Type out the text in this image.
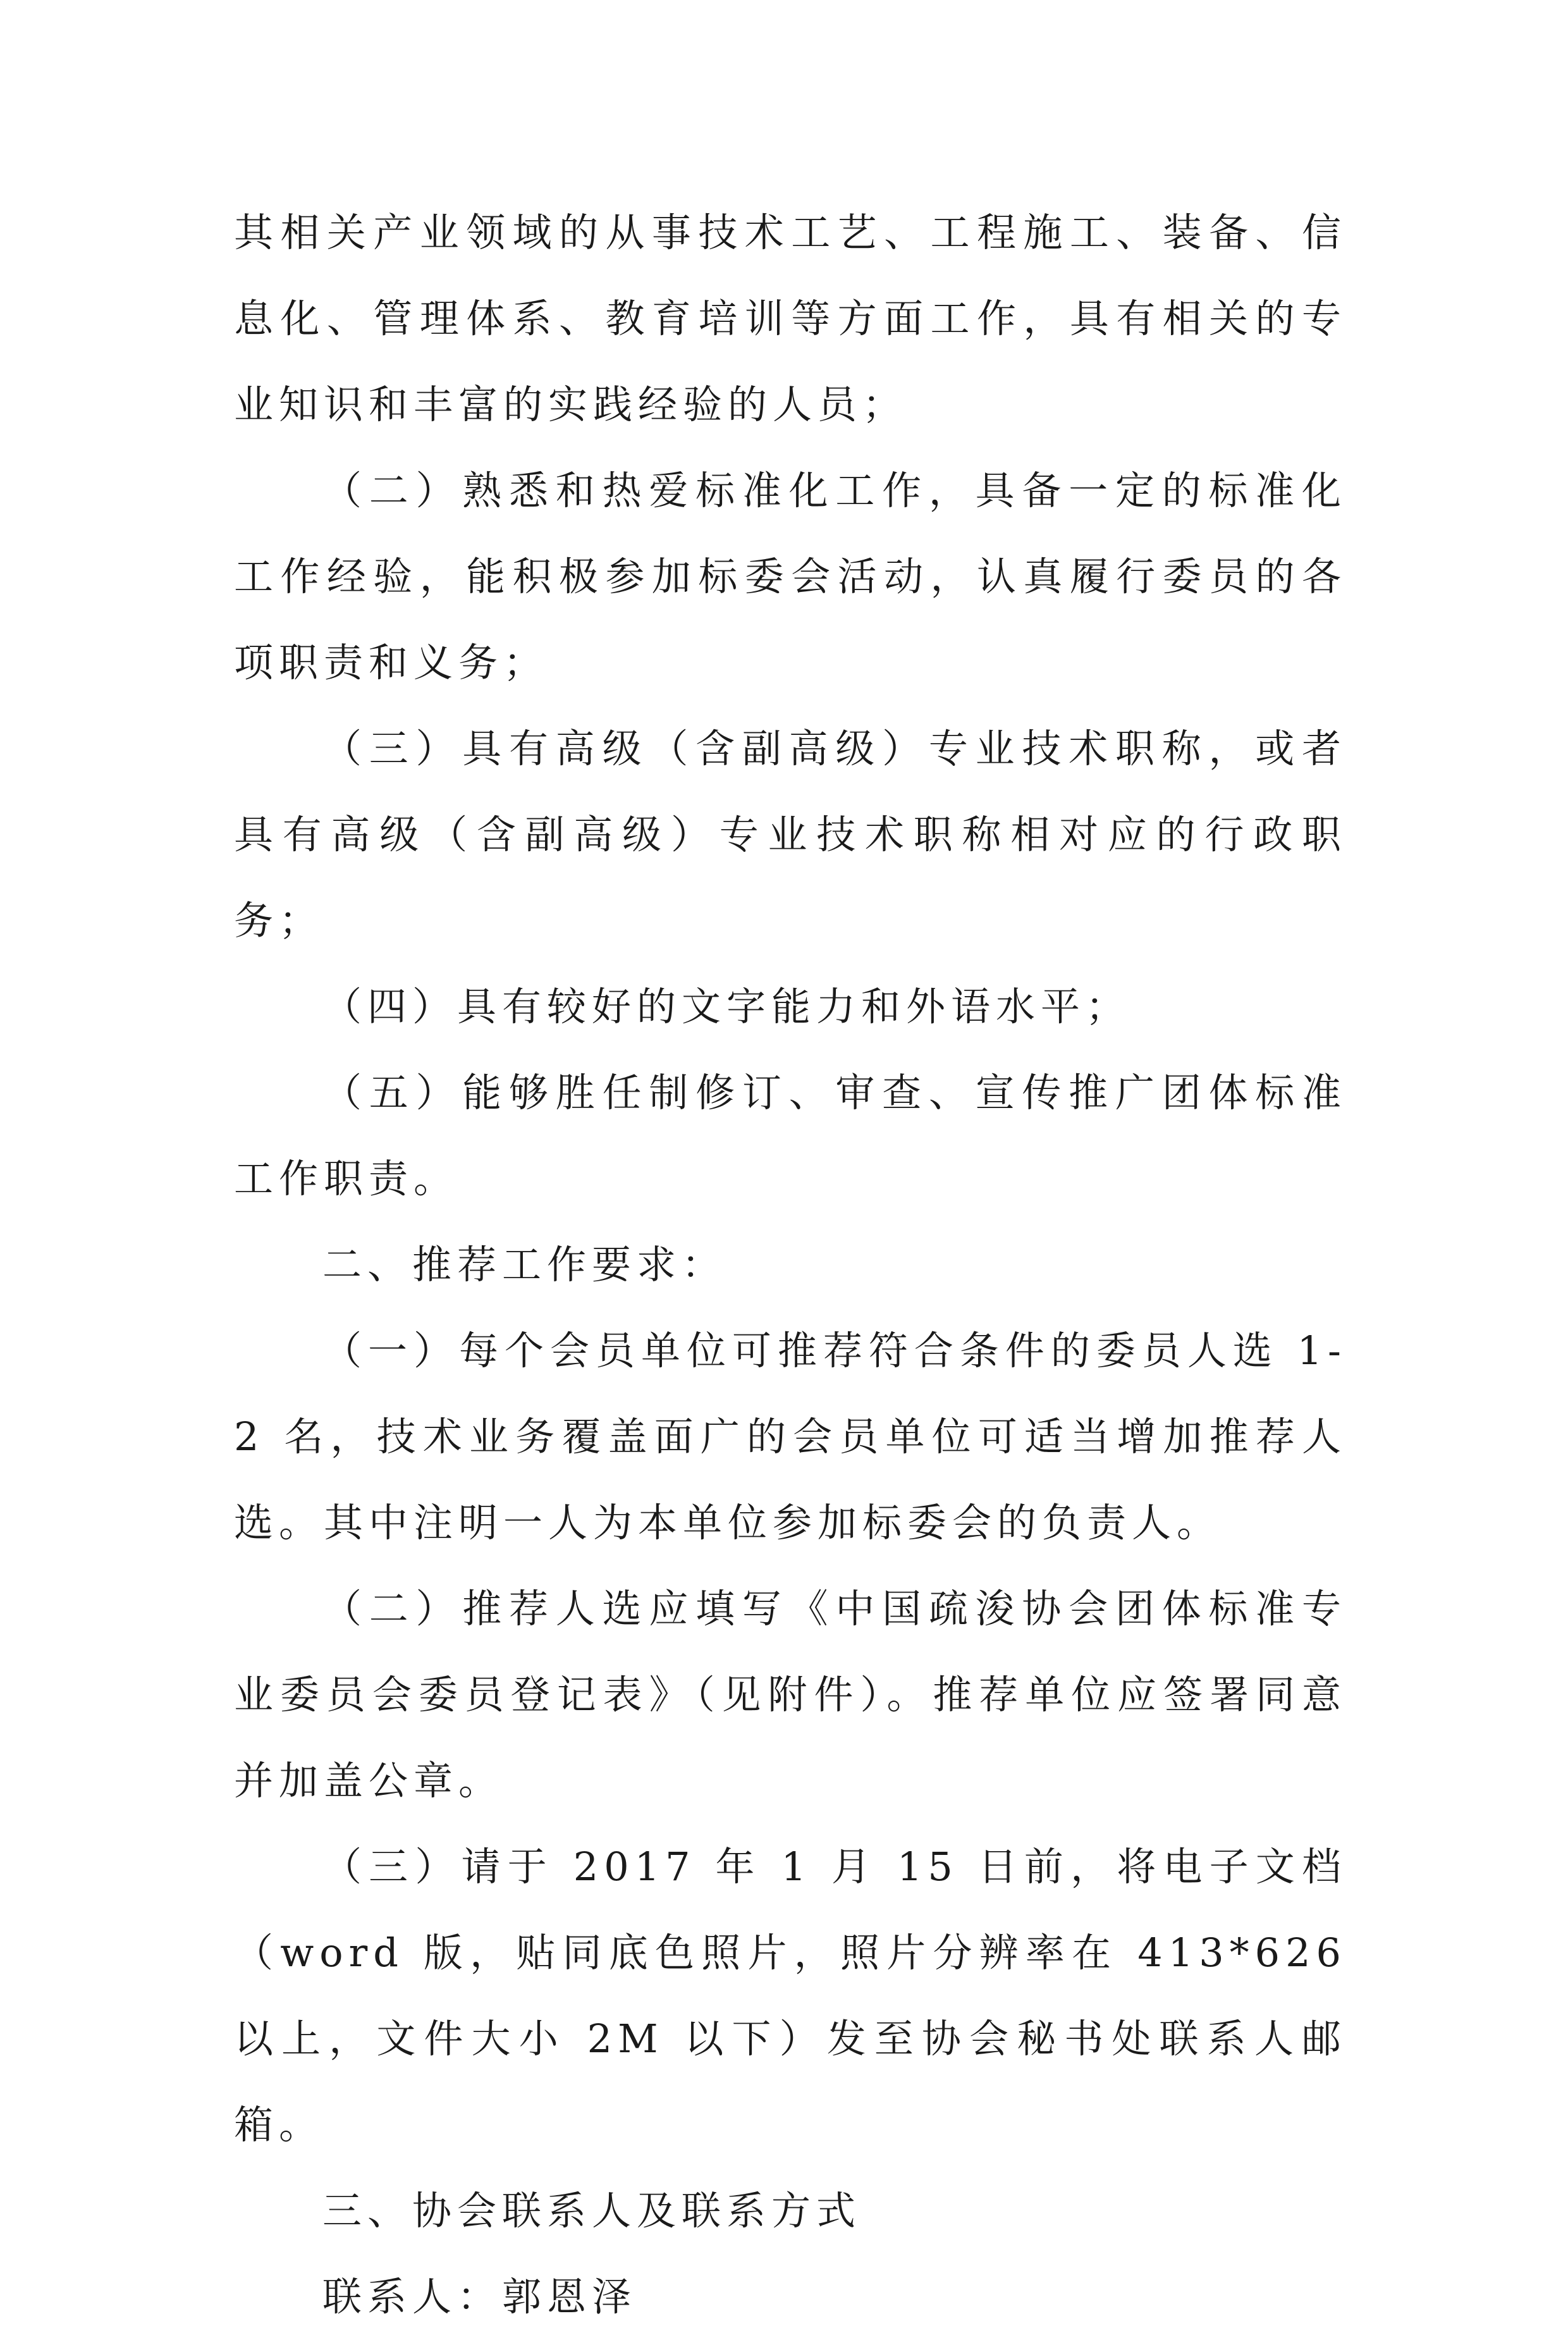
其相关产业领域的从事技术工艺、工程施工、装备、信息化、管理体系、教育培训等方面工作，具有相关的专业知识和丰富的实践经验的人员；

（二）熟悉和热爱标准化工作，具备一定的标准化工作经验，能积极参加标委会活动，认真履行委员的各项职责和义务；

（三）具有高级（含副高级）专业技术职称，或者具有高级（含副高级）专业技术职称相对应的行政职务；

（四）具有较好的文字能力和外语水平；

（五）能够胜任制修订、审查、宣传推广团体标准工作职责。

二、推荐工作要求：

（一）每个会员单位可推荐符合条件的委员人选 1-2 名，技术业务覆盖面广的会员单位可适当增加推荐人选。其中注明一人为本单位参加标委会的负责人。

（二）推荐人选应填写《中国疏浚协会团体标准专业委员会委员登记表》（见附件）。推荐单位应签署同意并加盖公章。

（三）请于 2017 年 1 月 15 日前，将电子文档（word 版，贴同底色照片，照片分辨率在 413*626 以上，文件大小 2M 以下）发至协会秘书处联系人邮箱。

三、协会联系人及联系方式

联系人：郭恩泽
